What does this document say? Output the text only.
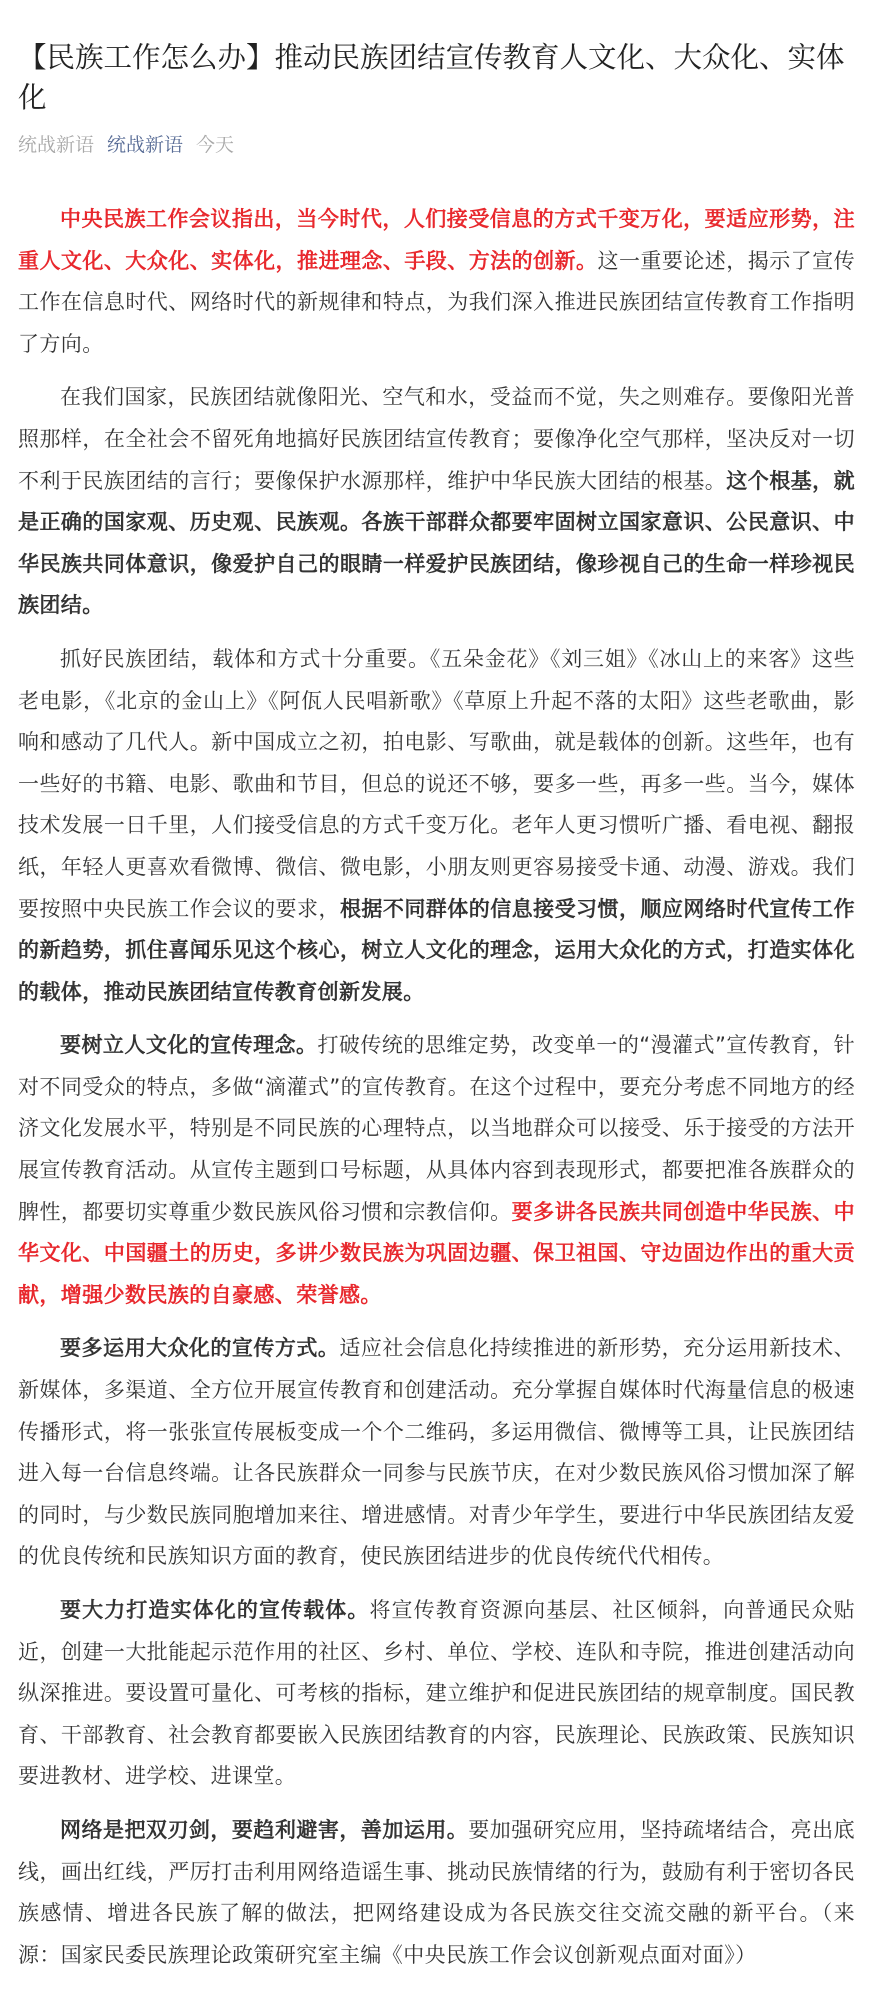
【民族工作怎么办】推动民族团结宣传教育人文化、大众化、实体化
统战新语 统战新语 今天

中央民族工作会议指出，当今时代，人们接受信息的方式千变万化，要适应形势，注重人文化、大众化、实体化，推进理念、手段、方法的创新。这一重要论述，揭示了宣传工作在信息时代、网络时代的新规律和特点，为我们深入推进民族团结宣传教育工作指明了方向。

在我们国家，民族团结就像阳光、空气和水，受益而不觉，失之则难存。要像阳光普照那样，在全社会不留死角地搞好民族团结宣传教育；要像净化空气那样，坚决反对一切不利于民族团结的言行；要像保护水源那样，维护中华民族大团结的根基。这个根基，就是正确的国家观、历史观、民族观。各族干部群众都要牢固树立国家意识、公民意识、中华民族共同体意识，像爱护自己的眼睛一样爱护民族团结，像珍视自己的生命一样珍视民族团结。

抓好民族团结，载体和方式十分重要。《五朵金花》《刘三姐》《冰山上的来客》这些老电影，《北京的金山上》《阿佤人民唱新歌》《草原上升起不落的太阳》这些老歌曲，影响和感动了几代人。新中国成立之初，拍电影、写歌曲，就是载体的创新。这些年，也有一些好的书籍、电影、歌曲和节目，但总的说还不够，要多一些，再多一些。当今，媒体技术发展一日千里，人们接受信息的方式千变万化。老年人更习惯听广播、看电视、翻报纸，年轻人更喜欢看微博、微信、微电影，小朋友则更容易接受卡通、动漫、游戏。我们要按照中央民族工作会议的要求，根据不同群体的信息接受习惯，顺应网络时代宣传工作的新趋势，抓住喜闻乐见这个核心，树立人文化的理念，运用大众化的方式，打造实体化的载体，推动民族团结宣传教育创新发展。

要树立人文化的宣传理念。打破传统的思维定势，改变单一的“漫灌式”宣传教育，针对不同受众的特点，多做“滴灌式”的宣传教育。在这个过程中，要充分考虑不同地方的经济文化发展水平，特别是不同民族的心理特点，以当地群众可以接受、乐于接受的方法开展宣传教育活动。从宣传主题到口号标题，从具体内容到表现形式，都要把准各族群众的脾性，都要切实尊重少数民族风俗习惯和宗教信仰。要多讲各民族共同创造中华民族、中华文化、中国疆土的历史，多讲少数民族为巩固边疆、保卫祖国、守边固边作出的重大贡献，增强少数民族的自豪感、荣誉感。

要多运用大众化的宣传方式。适应社会信息化持续推进的新形势，充分运用新技术、新媒体，多渠道、全方位开展宣传教育和创建活动。充分掌握自媒体时代海量信息的极速传播形式，将一张张宣传展板变成一个个二维码，多运用微信、微博等工具，让民族团结进入每一台信息终端。让各民族群众一同参与民族节庆，在对少数民族风俗习惯加深了解的同时，与少数民族同胞增加来往、增进感情。对青少年学生，要进行中华民族团结友爱的优良传统和民族知识方面的教育，使民族团结进步的优良传统代代相传。

要大力打造实体化的宣传载体。将宣传教育资源向基层、社区倾斜，向普通民众贴近，创建一大批能起示范作用的社区、乡村、单位、学校、连队和寺院，推进创建活动向纵深推进。要设置可量化、可考核的指标，建立维护和促进民族团结的规章制度。国民教育、干部教育、社会教育都要嵌入民族团结教育的内容，民族理论、民族政策、民族知识要进教材、进学校、进课堂。

网络是把双刃剑，要趋利避害，善加运用。要加强研究应用，坚持疏堵结合，亮出底线，画出红线，严厉打击利用网络造谣生事、挑动民族情绪的行为，鼓励有利于密切各民族感情、增进各民族了解的做法，把网络建设成为各民族交往交流交融的新平台。（来源：国家民委民族理论政策研究室主编《中央民族工作会议创新观点面对面》）
